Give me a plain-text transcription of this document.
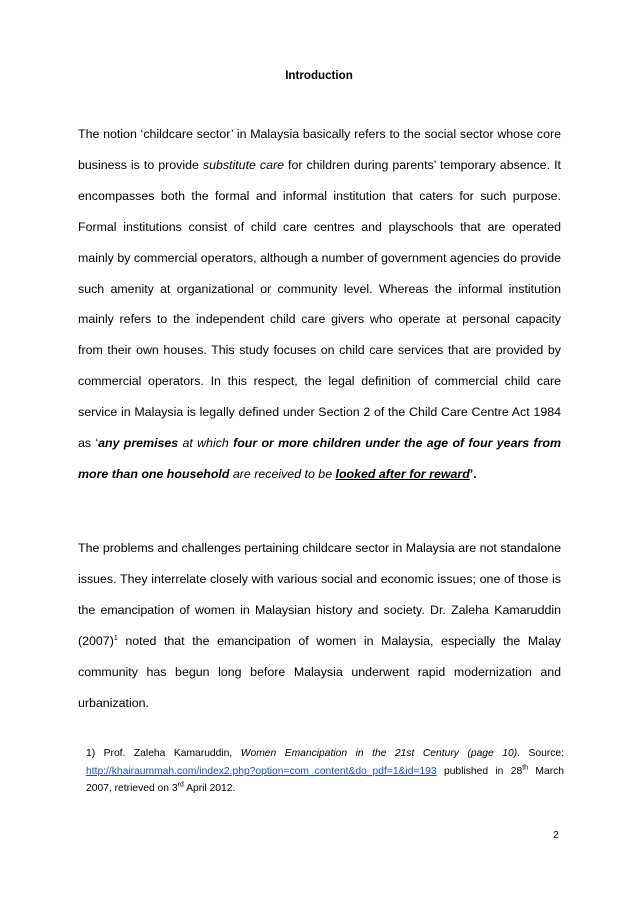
Introduction

The notion ‘childcare sector’ in Malaysia basically refers to the social sector whose core business is to provide substitute care for children during parents’ temporary absence. It encompasses both the formal and informal institution that caters for such purpose. Formal institutions consist of child care centres and playschools that are operated mainly by commercial operators, although a number of government agencies do provide such amenity at organizational or community level. Whereas the informal institution mainly refers to the independent child care givers who operate at personal capacity from their own houses. This study focuses on child care services that are provided by commercial operators. In this respect, the legal definition of commercial child care service in Malaysia is legally defined under Section 2 of the Child Care Centre Act 1984 as ‘any premises at which four or more children under the age of four years from more than one household are received to be looked after for reward’.

The problems and challenges pertaining childcare sector in Malaysia are not standalone issues. They interrelate closely with various social and economic issues; one of those is the emancipation of women in Malaysian history and society. Dr. Zaleha Kamaruddin $(2007)^1$ noted that the emancipation of women in Malaysia, especially the Malay community has begun long before Malaysia underwent rapid modernization and urbanization.

1) Prof. Zaleha Kamaruddin, Women Emancipation in the 21st Century (page 10). Source: http://khairaummah.com/index2.php?option=com_content&do_pdf=1&id=193 published in 28th March 2007, retrieved on 3rd April 2012.

2
